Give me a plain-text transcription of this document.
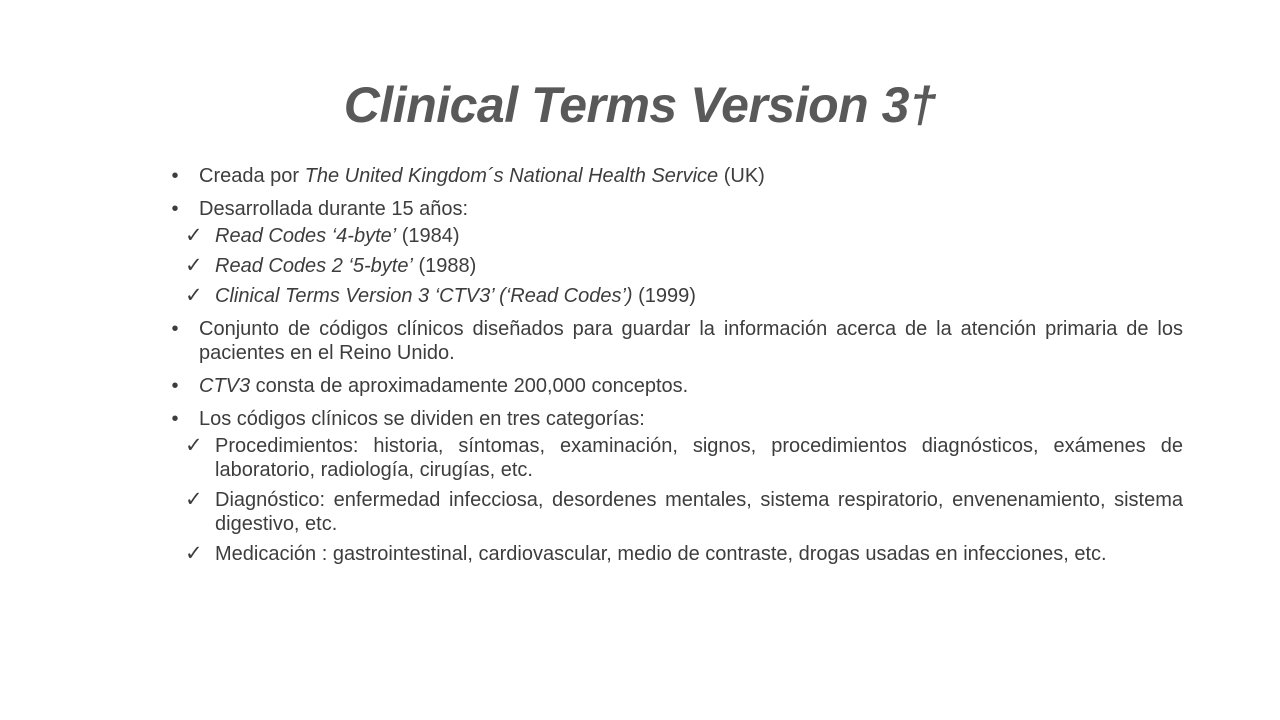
Clinical Terms Version 3†
• Creada por The United Kingdom´s National Health Service (UK)
• Desarrollada durante 15 años:
✓ Read Codes ‘4-byte’ (1984)
✓ Read Codes 2 ‘5-byte’ (1988)
✓ Clinical Terms Version 3 ‘CTV3’ (‘Read Codes’) (1999)
• Conjunto de códigos clínicos diseñados para guardar la información acerca de la atención primaria de los pacientes en el Reino Unido.
• CTV3 consta de aproximadamente 200,000 conceptos.
• Los códigos clínicos se dividen en tres categorías:
✓ Procedimientos: historia, síntomas, examinación, signos, procedimientos diagnósticos, exámenes de laboratorio, radiología, cirugías, etc.
✓ Diagnóstico: enfermedad infecciosa, desordenes mentales, sistema respiratorio, envenenamiento, sistema digestivo, etc.
✓ Medicación : gastrointestinal, cardiovascular, medio de contraste, drogas usadas en infecciones, etc.
